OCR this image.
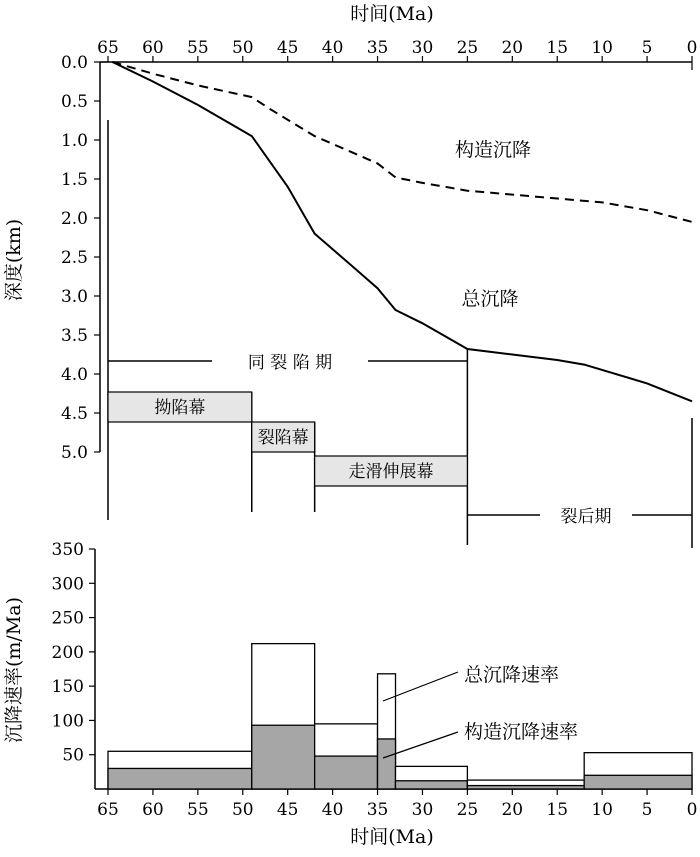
时间(Ma)
65 60 55 50 45 40 35 30 25 20 15 10 5 0
0.0
0.5
1.0
1.5
2.0
2.5
3.0
3.5
4.0
4.5
5.0
深度(km)
构造沉降
总沉降
同 裂 陷 期
裂后期
拗陷幕
裂陷幕
走滑伸展幕
50
100
150
200
250
300
350
沉降速率(m/Ma)	总沉降速率
构造沉降速率
65 60 55 50 45 40 35 30 25 20 15 10 5 0
时间(Ma)
